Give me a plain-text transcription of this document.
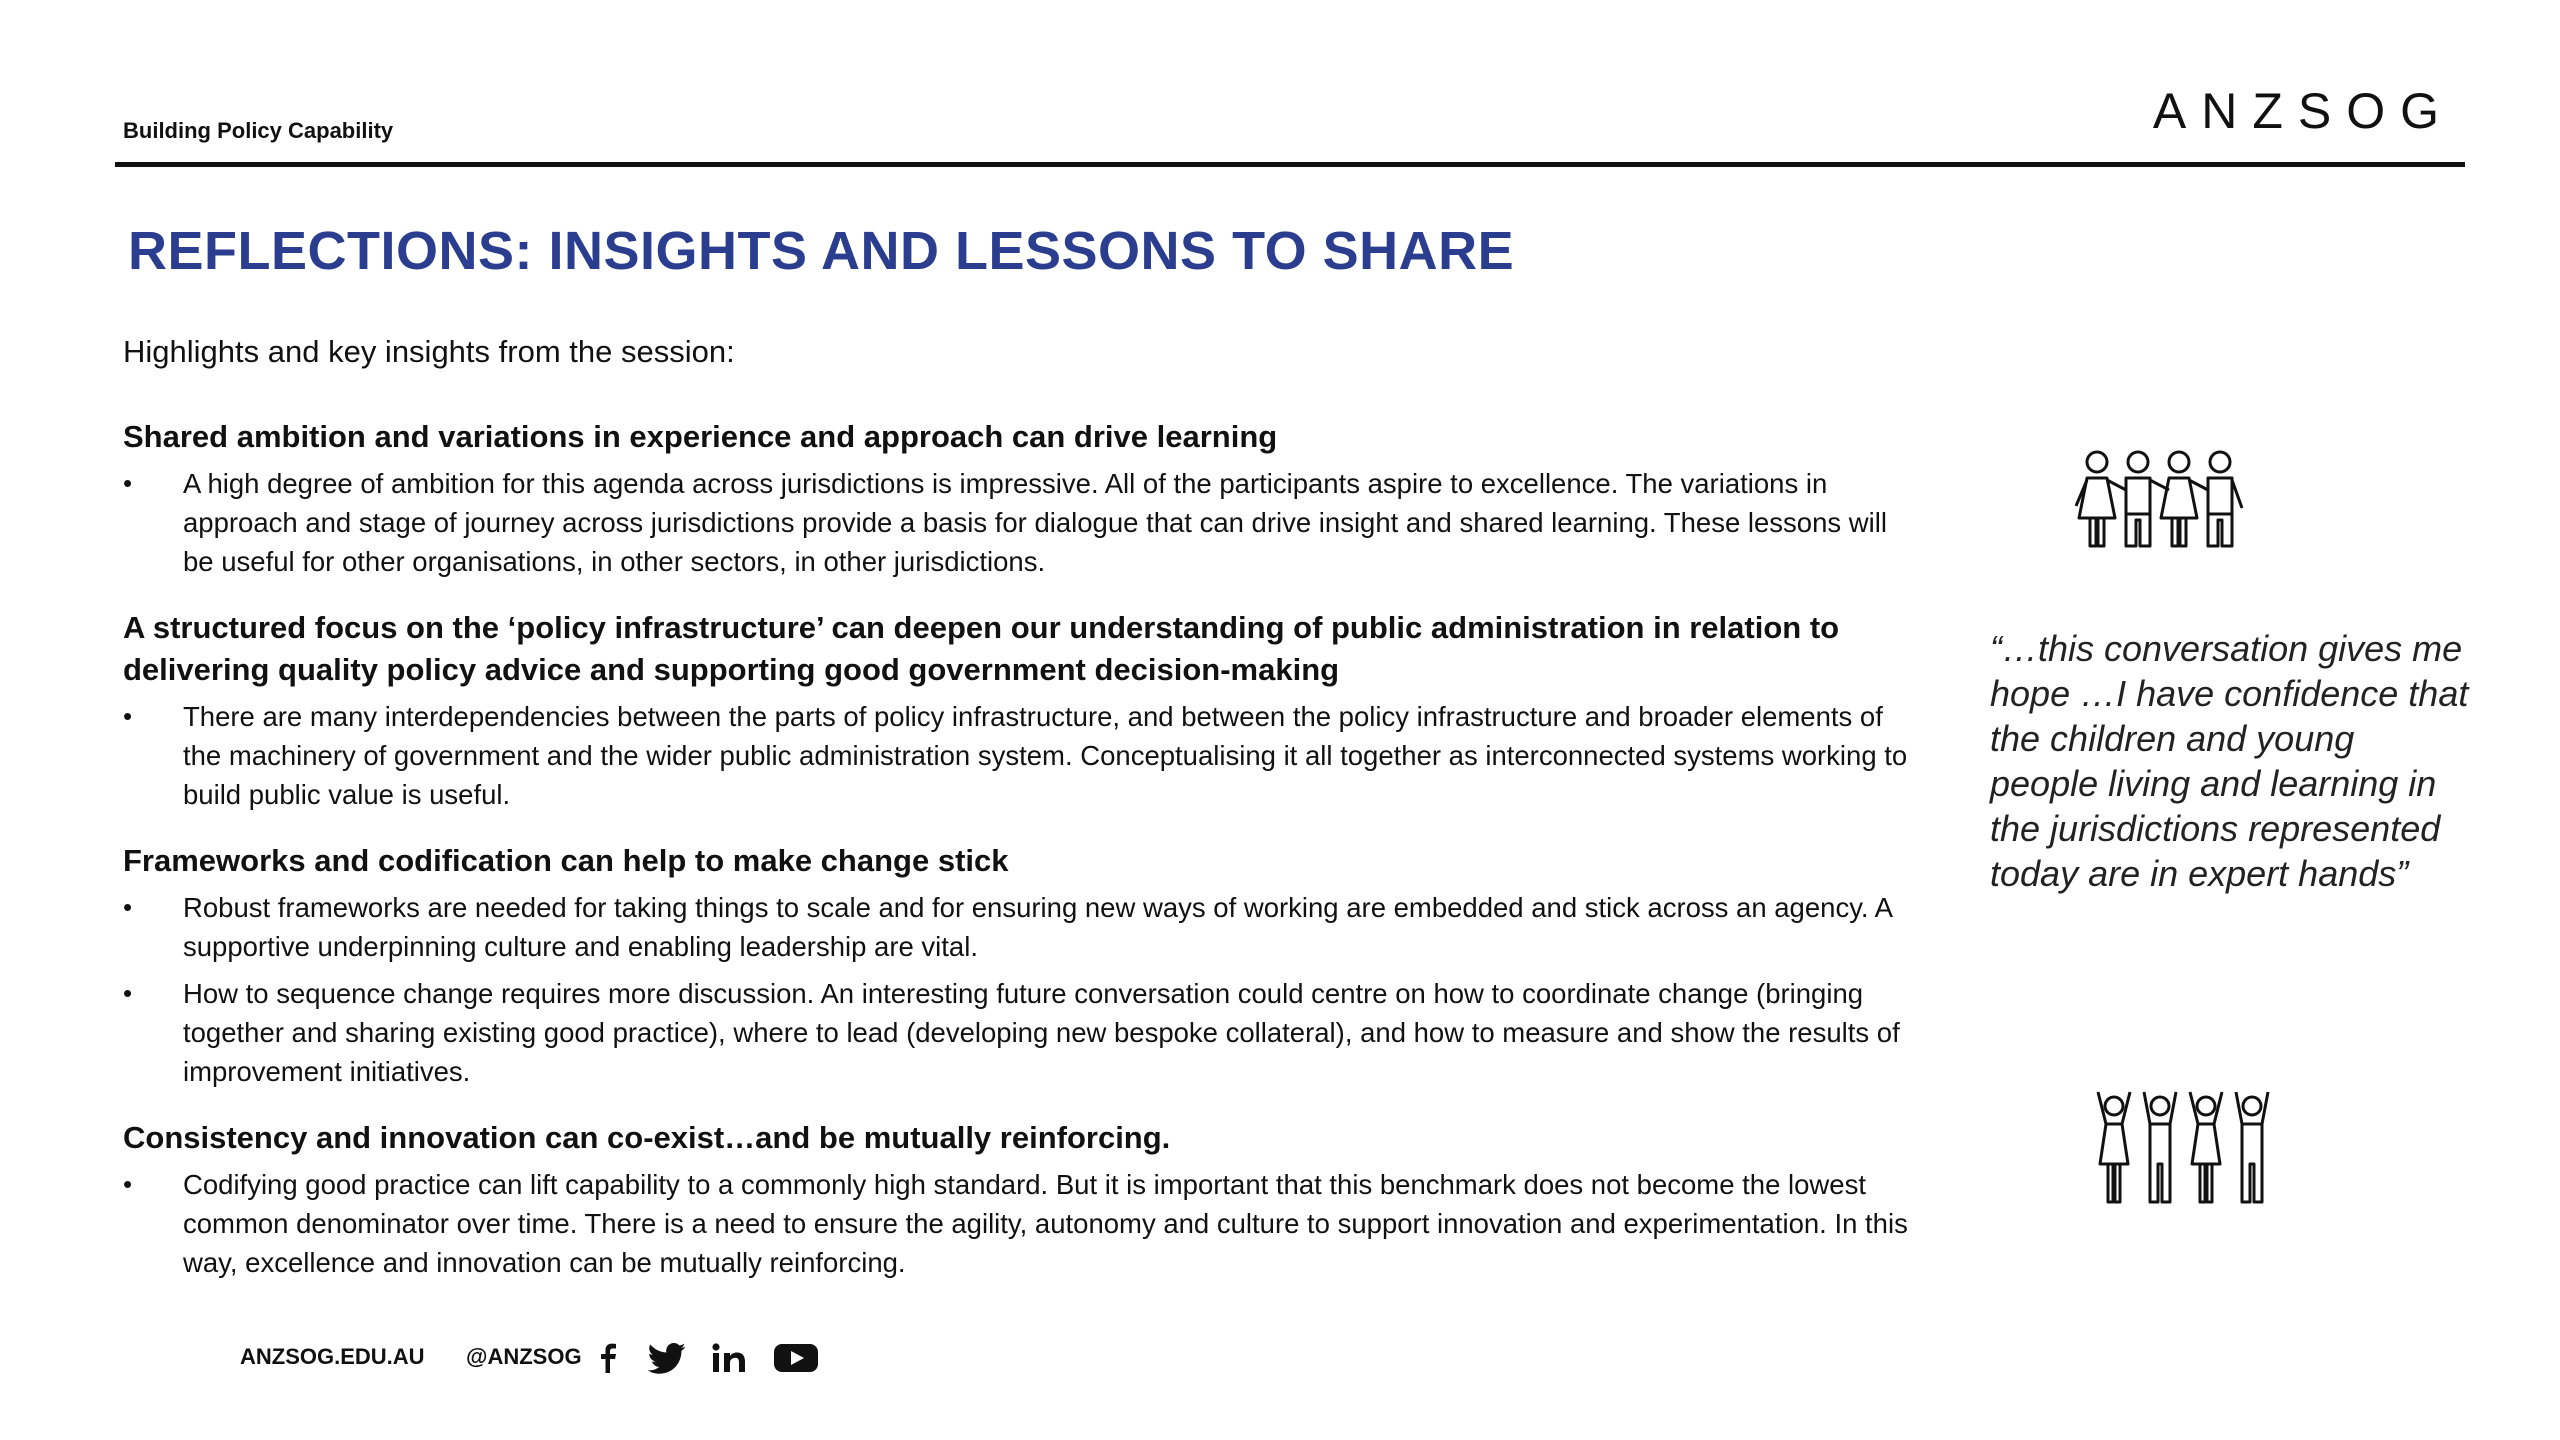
Building Policy Capability	ANZSOG
REFLECTIONS: INSIGHTS AND LESSONS TO SHARE
Highlights and key insights from the session:
Shared ambition and variations in experience and approach can drive learning
•	A high degree of ambition for this agenda across jurisdictions is impressive. All of the participants aspire to excellence. The variations in approach and stage of journey across jurisdictions provide a basis for dialogue that can drive insight and shared learning. These lessons will be useful for other organisations, in other sectors, in other jurisdictions.
A structured focus on the ‘policy infrastructure’ can deepen our understanding of public administration in relation to delivering quality policy advice and supporting good government decision-making
•	There are many interdependencies between the parts of policy infrastructure, and between the policy infrastructure and broader elements of the machinery of government and the wider public administration system. Conceptualising it all together as interconnected systems working to build public value is useful.
Frameworks and codification can help to make change stick
•	Robust frameworks are needed for taking things to scale and for ensuring new ways of working are embedded and stick across an agency. A supportive underpinning culture and enabling leadership are vital.
•	How to sequence change requires more discussion. An interesting future conversation could centre on how to coordinate change (bringing together and sharing existing good practice), where to lead (developing new bespoke collateral), and how to measure and show the results of improvement initiatives.
Consistency and innovation can co-exist…and be mutually reinforcing.
•	Codifying good practice can lift capability to a commonly high standard. But it is important that this benchmark does not become the lowest common denominator over time. There is a need to ensure the agility, autonomy and culture to support innovation and experimentation. In this way, excellence and innovation can be mutually reinforcing.
“…this conversation gives me hope …I have confidence that the children and young people living and learning in the jurisdictions represented today are in expert hands”
ANZSOG.EDU.AU @ANZSOG
